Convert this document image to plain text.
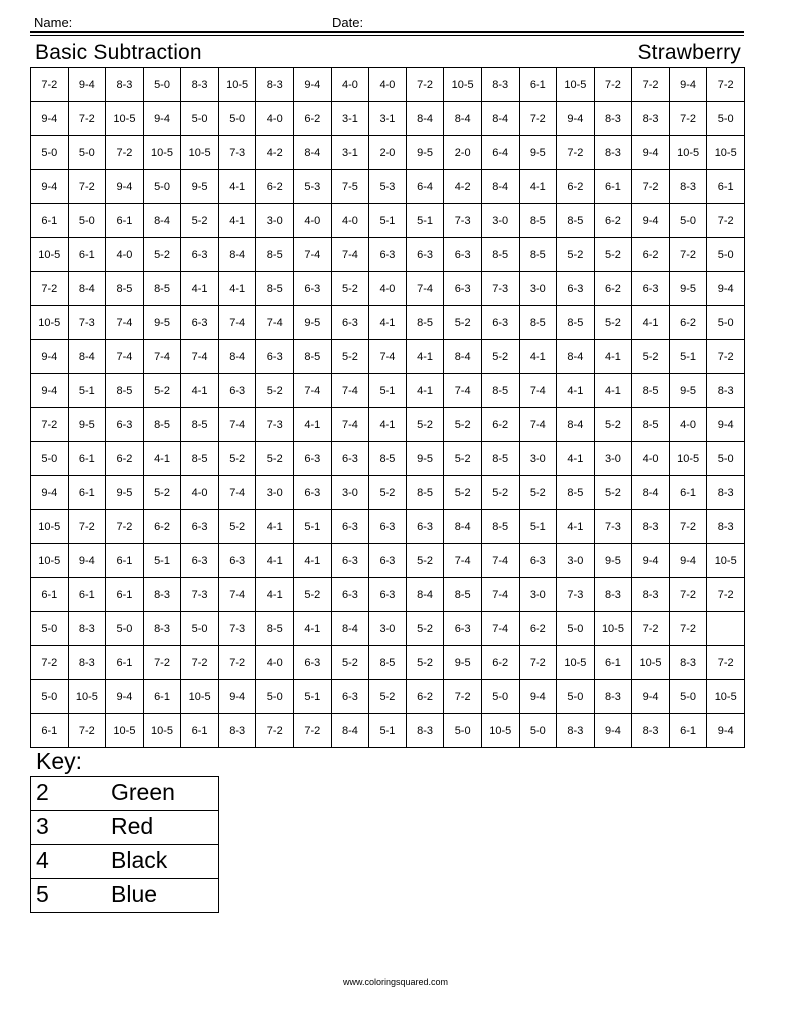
Name:	Date:
Basic Subtraction	Strawberry
7-2	9-4	8-3	5-0	8-3	10-5	8-3	9-4	4-0	4-0	7-2	10-5	8-3	6-1	10-5	7-2	7-2	9-4	7-2
9-4	7-2	10-5	9-4	5-0	5-0	4-0	6-2	3-1	3-1	8-4	8-4	8-4	7-2	9-4	8-3	8-3	7-2	5-0
5-0	5-0	7-2	10-5	10-5	7-3	4-2	8-4	3-1	2-0	9-5	2-0	6-4	9-5	7-2	8-3	9-4	10-5	10-5
9-4	7-2	9-4	5-0	9-5	4-1	6-2	5-3	7-5	5-3	6-4	4-2	8-4	4-1	6-2	6-1	7-2	8-3	6-1
6-1	5-0	6-1	8-4	5-2	4-1	3-0	4-0	4-0	5-1	5-1	7-3	3-0	8-5	8-5	6-2	9-4	5-0	7-2
10-5	6-1	4-0	5-2	6-3	8-4	8-5	7-4	7-4	6-3	6-3	6-3	8-5	8-5	5-2	5-2	6-2	7-2	5-0
7-2	8-4	8-5	8-5	4-1	4-1	8-5	6-3	5-2	4-0	7-4	6-3	7-3	3-0	6-3	6-2	6-3	9-5	9-4
10-5	7-3	7-4	9-5	6-3	7-4	7-4	9-5	6-3	4-1	8-5	5-2	6-3	8-5	8-5	5-2	4-1	6-2	5-0
9-4	8-4	7-4	7-4	7-4	8-4	6-3	8-5	5-2	7-4	4-1	8-4	5-2	4-1	8-4	4-1	5-2	5-1	7-2
9-4	5-1	8-5	5-2	4-1	6-3	5-2	7-4	7-4	5-1	4-1	7-4	8-5	7-4	4-1	4-1	8-5	9-5	8-3
7-2	9-5	6-3	8-5	8-5	7-4	7-3	4-1	7-4	4-1	5-2	5-2	6-2	7-4	8-4	5-2	8-5	4-0	9-4
5-0	6-1	6-2	4-1	8-5	5-2	5-2	6-3	6-3	8-5	9-5	5-2	8-5	3-0	4-1	3-0	4-0	10-5	5-0
9-4	6-1	9-5	5-2	4-0	7-4	3-0	6-3	3-0	5-2	8-5	5-2	5-2	5-2	8-5	5-2	8-4	6-1	8-3
10-5	7-2	7-2	6-2	6-3	5-2	4-1	5-1	6-3	6-3	6-3	8-4	8-5	5-1	4-1	7-3	8-3	7-2	8-3
10-5	9-4	6-1	5-1	6-3	6-3	4-1	4-1	6-3	6-3	5-2	7-4	7-4	6-3	3-0	9-5	9-4	9-4	10-5
6-1	6-1	6-1	8-3	7-3	7-4	4-1	5-2	6-3	6-3	8-4	8-5	7-4	3-0	7-3	8-3	8-3	7-2	7-2
5-0	8-3	5-0	8-3	5-0	7-3	8-5	4-1	8-4	3-0	5-2	6-3	7-4	6-2	5-0	10-5	7-2	7-2	
7-2	8-3	6-1	7-2	7-2	7-2	4-0	6-3	5-2	8-5	5-2	9-5	6-2	7-2	10-5	6-1	10-5	8-3	7-2
5-0	10-5	9-4	6-1	10-5	9-4	5-0	5-1	6-3	5-2	6-2	7-2	5-0	9-4	5-0	8-3	9-4	5-0	10-5
6-1	7-2	10-5	10-5	6-1	8-3	7-2	7-2	8-4	5-1	8-3	5-0	10-5	5-0	8-3	9-4	8-3	6-1	9-4
Key:
2	Green

3	Red

4	Black

5	Blue
www.coloringsquared.com
